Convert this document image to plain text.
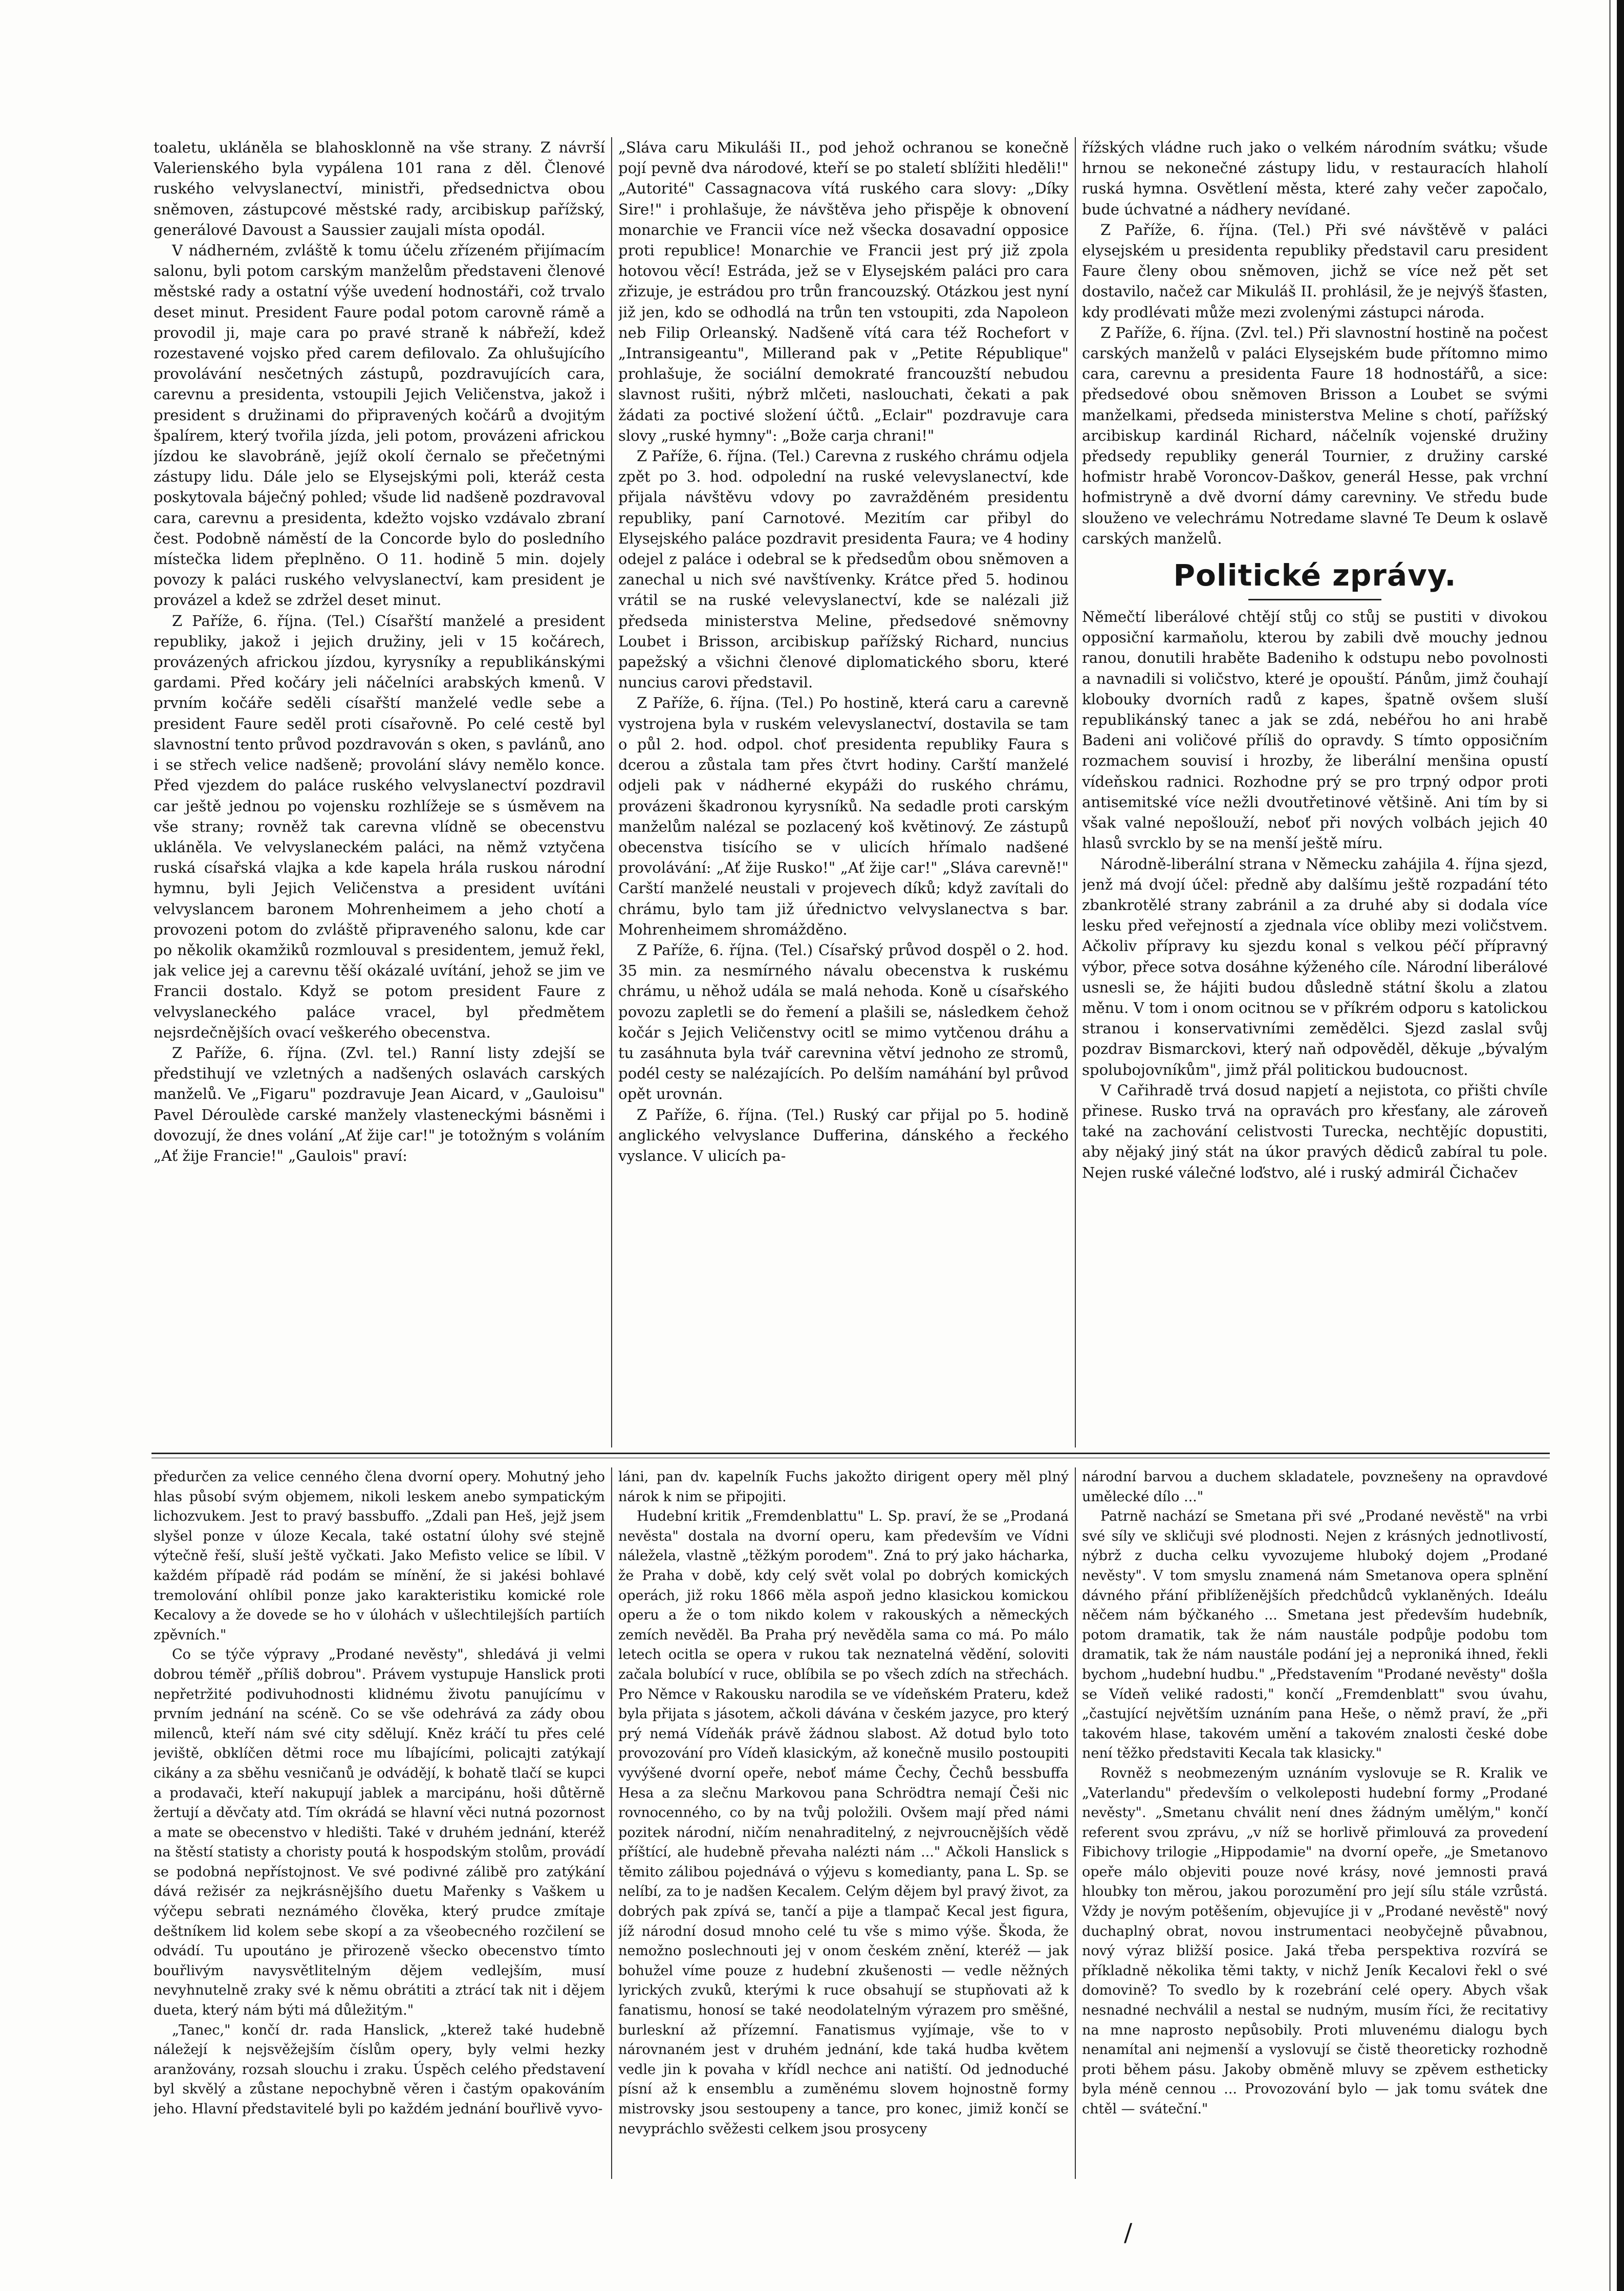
toaletu, ukláněla se blahosklonně na vše strany. Z návrší Valerienského byla vypálena 101 rana z děl. Členové ruského velvyslanectví, ministři, předsednictva obou sněmoven, zástupcové městské rady, arcibiskup pařížský, generálové Davoust a Saussier zaujali místa opodál.

V nádherném, zvláště k tomu účelu zřízeném přijímacím salonu, byli potom carským manželům představeni členové městské rady a ostatní výše uvedení hodnostáři, což trvalo deset minut. President Faure podal potom carovně rámě a provodil ji, maje cara po pravé straně k nábřeží, kdež rozestavené vojsko před carem defilovalo. Za ohlušujícího provolávání nesčetných zástupů, pozdravujících cara, carevnu a presidenta, vstoupili Jejich Veličenstva, jakož i president s družinami do připravených kočárů a dvojitým špalírem, který tvořila jízda, jeli potom, provázeni africkou jízdou ke slavobráně, jejíž okolí černalo se přečetnými zástupy lidu. Dále jelo se Elysejskými poli, kteráž cesta poskytovala báječný pohled; všude lid nadšeně pozdravoval cara, carevnu a presidenta, kdežto vojsko vzdávalo zbraní čest. Podobně náměstí de la Concorde bylo do posledního místečka lidem přeplněno. O 11. hodině 5 min. dojely povozy k paláci ruského velvyslanectví, kam president je provázel a kdež se zdržel deset minut.

Z Paříže, 6. října. (Tel.) Císařští manželé a president republiky, jakož i jejich družiny, jeli v 15 kočárech, provázených africkou jízdou, kyrysníky a republikánskými gardami. Před kočáry jeli náčelníci arabských kmenů. V prvním kočáře seděli císařští manželé vedle sebe a president Faure seděl proti císařovně. Po celé cestě byl slavnostní tento průvod pozdravován s oken, s pavlánů, ano i se střech velice nadšeně; provolání slávy nemělo konce. Před vjezdem do paláce ruského velvyslanectví pozdravil car ještě jednou po vojensku rozhlížeje se s úsměvem na vše strany; rovněž tak carevna vlídně se obecenstvu ukláněla. Ve velvyslaneckém paláci, na němž vztyčena ruská císařská vlajka a kde kapela hrála ruskou národní hymnu, byli Jejich Veličenstva a president uvítáni velvyslancem baronem Mohrenheimem a jeho chotí a provozeni potom do zvláště připraveného salonu, kde car po několik okamžiků rozmlouval s presidentem, jemuž řekl, jak velice jej a carevnu těší okázalé uvítání, jehož se jim ve Francii dostalo. Když se potom president Faure z velvyslaneckého paláce vracel, byl předmětem nejsrdečnějších ovací veškerého obecenstva.

Z Paříže, 6. října. (Zvl. tel.) Ranní listy zdejší se předstihují ve vzletných a nadšených oslavách carských manželů. Ve „Figaru" pozdravuje Jean Aicard, v „Gauloisu" Pavel Déroulède carské manžely vlasteneckými básněmi i dovozují, že dnes volání „Ať žije car!" je totožným s voláním „Ať žije Francie!" „Gaulois" praví:

„Sláva caru Mikuláši II., pod jehož ochranou se konečně pojí pevně dva národové, kteří se po staletí sblížiti hleděli!" „Autorité" Cassagnacova vítá ruského cara slovy: „Díky Sire!" i prohlašuje, že návštěva jeho přispěje k obnovení monarchie ve Francii více než všecka dosavadní opposice proti republice! Monarchie ve Francii jest prý již zpola hotovou věcí! Estráda, jež se v Elysejském paláci pro cara zřizuje, je estrádou pro trůn francouzský. Otázkou jest nyní již jen, kdo se odhodlá na trůn ten vstoupiti, zda Napoleon neb Filip Orleanský. Nadšeně vítá cara též Rochefort v „Intransigeantu", Millerand pak v „Petite République" prohlašuje, že sociální demokraté francouzští nebudou slavnost rušiti, nýbrž mlčeti, naslouchati, čekati a pak žádati za poctivé složení účtů. „Eclair" pozdravuje cara slovy „ruské hymny": „Bože carja chrani!"

Z Paříže, 6. října. (Tel.) Carevna z ruského chrámu odjela zpět po 3. hod. odpolední na ruské velevyslanectví, kde přijala návštěvu vdovy po zavražděném presidentu republiky, paní Carnotové. Mezitím car přibyl do Elysejského paláce pozdravit presidenta Faura; ve 4 hodiny odejel z paláce i odebral se k předsedům obou sněmoven a zanechal u nich své navštívenky. Krátce před 5. hodinou vrátil se na ruské velevyslanectví, kde se nalézali již předseda ministerstva Meline, předsedové sněmovny Loubet i Brisson, arcibiskup pařížský Richard, nuncius papežský a všichni členové diplomatického sboru, které nuncius carovi představil.

Z Paříže, 6. října. (Tel.) Po hostině, která caru a carevně vystrojena byla v ruském velevyslanectví, dostavila se tam o půl 2. hod. odpol. choť presidenta republiky Faura s dcerou a zůstala tam přes čtvrt hodiny. Carští manželé odjeli pak v nádherné ekypáži do ruského chrámu, provázeni škadronou kyrysníků. Na sedadle proti carským manželům nalézal se pozlacený koš květinový. Ze zástupů obecenstva tisícího se v ulicích hřímalo nadšené provolávání: „Ať žije Rusko!" „Ať žije car!" „Sláva carevně!" Carští manželé neustali v projevech díků; když zavítali do chrámu, bylo tam již úřednictvo velvyslanectva s bar. Mohrenheimem shromážděno.

Z Paříže, 6. října. (Tel.) Císařský průvod dospěl o 2. hod. 35 min. za nesmírného návalu obecenstva k ruskému chrámu, u něhož udála se malá nehoda. Koně u císařského povozu zapletli se do řemení a plašili se, následkem čehož kočár s Jejich Veličenstvy ocitl se mimo vytčenou dráhu a tu zasáhnuta byla tvář carevnina větví jednoho ze stromů, podél cesty se nalézajících. Po delším namáhání byl průvod opět urovnán.

Z Paříže, 6. října. (Tel.) Ruský car přijal po 5. hodině anglického velvyslance Dufferina, dánského a řeckého vyslance. V ulicích pa-

řížských vládne ruch jako o velkém národním svátku; všude hrnou se nekonečné zástupy lidu, v restauracích hlaholí ruská hymna. Osvětlení města, které zahy večer započalo, bude úchvatné a nádhery nevídané.

Z Paříže, 6. října. (Tel.) Při své návštěvě v paláci elysejském u presidenta republiky představil caru president Faure členy obou sněmoven, jichž se více než pět set dostavilo, načež car Mikuláš II. prohlásil, že je nejvýš šťasten, kdy prodlévati může mezi zvolenými zástupci národa.

Z Paříže, 6. října. (Zvl. tel.) Při slavnostní hostině na počest carských manželů v paláci Elysejském bude přítomno mimo cara, carevnu a presidenta Faure 18 hodnostářů, a sice: předsedové obou sněmoven Brisson a Loubet se svými manželkami, předseda ministerstva Meline s chotí, pařížský arcibiskup kardinál Richard, náčelník vojenské družiny předsedy republiky generál Tournier, z družiny carské hofmistr hrabě Voroncov-Daškov, generál Hesse, pak vrchní hofmistryně a dvě dvorní dámy carevniny. Ve středu bude slouženo ve velechrámu Notredame slavné Te Deum k oslavě carských manželů.

Politické zprávy.

Němečtí liberálové chtějí stůj co stůj se pustiti v divokou opposiční karmaňolu, kterou by zabili dvě mouchy jednou ranou, donutili hraběte Badeniho k odstupu nebo povolnosti a navnadili si voličstvo, které je opouští. Pánům, jimž čouhají klobouky dvorních radů z kapes, špatně ovšem sluší republikánský tanec a jak se zdá, nebéřou ho ani hrabě Badeni ani voličové příliš do opravdy. S tímto opposičním rozmachem souvisí i hrozby, že liberální menšina opustí vídeňskou radnici. Rozhodne prý se pro trpný odpor proti antisemitské více nežli dvoutřetinové většině. Ani tím by si však valné nepošlouží, neboť při nových volbách jejich 40 hlasů svrcklo by se na menší ještě míru.

Národně-liberální strana v Německu zahájila 4. října sjezd, jenž má dvojí účel: předně aby dalšímu ještě rozpadání této zbankrotělé strany zabránil a za druhé aby si dodala více lesku před veřejností a zjednala více obliby mezi voličstvem. Ačkoliv přípravy ku sjezdu konal s velkou péčí přípravný výbor, přece sotva dosáhne kýženého cíle. Národní liberálové usnesli se, že hájiti budou důsledně státní školu a zlatou měnu. V tom i onom ocitnou se v příkrém odporu s katolickou stranou i konservativními zemědělci. Sjezd zaslal svůj pozdrav Bismarckovi, který naň odpověděl, děkuje „bývalým spolubojovníkům", jimž přál politickou budoucnost.

V Cařihradě trvá dosud napjetí a nejistota, co přišti chvíle přinese. Rusko trvá na opravách pro křesťany, ale zároveň také na zachování celistvosti Turecka, nechtějíc dopustiti, aby nějaký jiný stát na úkor pravých dědiců zabíral tu pole. Nejen ruské válečné loďstvo, alé i ruský admirál Čichačev

předurčen za velice cenného člena dvorní opery. Mohutný jeho hlas působí svým objemem, nikoli leskem anebo sympatickým lichozvukem. Jest to pravý bassbuffo. „Zdali pan Heš, jejž jsem slyšel ponze v úloze Kecala, také ostatní úlohy své stejně výtečně řeší, sluší ještě vyčkati. Jako Mefisto velice se líbil. V každém případě rád podám se mínění, že si jakési bohlavé tremolování ohlíbil ponze jako karakteristiku komické role Kecalovy a že dovede se ho v úlohách v ušlechtilejších partiích zpěvních."

Co se týče výpravy „Prodané nevěsty", shledává ji velmi dobrou téměř „příliš dobrou". Právem vystupuje Hanslick proti nepřetržité podivuhodnosti klidnému životu panujícímu v prvním jednání na scéně. Co se vše odehrává za zády obou milenců, kteří nám své city sdělují. Kněz kráčí tu přes celé jeviště, obklíčen dětmi roce mu líbajícími, policajti zatýkají cikány a za sběhu vesničanů je odvádějí, k bohatě tlačí se kupci a prodavači, kteří nakupují jablek a marcipánu, hoši důtěrně žertují a děvčaty atd. Tím okrádá se hlavní věci nutná pozornost a mate se obecenstvo v hledišti. Také v druhém jednání, kteréž na štěstí statisty a choristy poutá k hospodským stolům, provádí se podobná nepřístojnost. Ve své podivné zálibě pro zatýkání dává režisér za nejkrásnějšího duetu Mařenky s Vaškem u výčepu sebrati neznámého člověka, který prudce zmítaje deštníkem lid kolem sebe skopí a za všeobecného rozčilení se odvádí. Tu upoutáno je přirozeně všecko obecenstvo tímto bouřlivým navysvětlitelným dějem vedlejším, musí nevyhnutelně zraky své k němu obrátiti a ztrácí tak nit i dějem dueta, který nám býti má důležitým."

„Tanec," končí dr. rada Hanslick, „kterež také hudebně náležejí k nejsvěžejším číslům opery, byly velmi hezky aranžovány, rozsah slouchu i zraku. Úspěch celého představení byl skvělý a zůstane nepochybně věren i častým opakováním jeho. Hlavní představitelé byli po každém jednání bouřlivě vyvo-

láni, pan dv. kapelník Fuchs jakožto dirigent opery měl plný nárok k nim se připojiti.

Hudební kritik „Fremdenblattu" L. Sp. praví, že se „Prodaná nevěsta" dostala na dvorní operu, kam především ve Vídni náležela, vlastně „těžkým porodem". Zná to prý jako hácharka, že Praha v době, kdy celý svět volal po dobrých komických operách, již roku 1866 měla aspoň jedno klasickou komickou operu a že o tom nikdo kolem v rakouských a německých zemích nevěděl. Ba Praha prý nevěděla sama co má. Po málo letech ocitla se opera v rukou tak neznatelná vědění, soloviti začala bolubící v ruce, oblíbila se po všech zdích na střechách. Pro Němce v Rakousku narodila se ve vídeňském Prateru, kdež byla přijata s jásotem, ačkoli dávána v českém jazyce, pro který prý nemá Vídeňák právě žádnou slabost. Až dotud bylo toto provozování pro Vídeň klasickým, až konečně musilo postoupiti vyvýšené dvorní opeře, neboť máme Čechy, Čechů bessbuffa Hesa a za slečnu Markovou pana Schrödtra nemají Češi nic rovnocenného, co by na tvůj položili. Ovšem mají před námi pozitek národní, ničím nenahraditelný, z nejvroucnějších vědě příštící, ale hudebně převaha nalézti nám ..." Ačkoli Hanslick s těmito zálibou pojednává o výjevu s komedianty, pana L. Sp. se nelíbí, za to je nadšen Kecalem. Celým dějem byl pravý život, za dobrých pak zpívá se, tančí a pije a tlampač Kecal jest figura, jíž národní dosud mnoho celé tu vše s mimo výše. Škoda, že nemožno poslechnouti jej v onom českém znění, kteréž — jak bohužel víme pouze z hudební zkušenosti — vedle něžných lyrických zvuků, kterými k ruce obsahují se stupňovati až k fanatismu, honosí se také neodolatelným výrazem pro směšné, burleskní až přízemní. Fanatismus vyjímaje, vše to v nárovnaném jest v druhém jednání, kde taká hudba květem vedle jin k povaha v křídl nechce ani natiští. Od jednoduché písní až k ensemblu a zuměnému slovem hojnostně formy mistrovsky jsou sestoupeny a tance, pro konec, jimiž končí se nevypráchlo svěžesti celkem jsou prosyceny

národní barvou a duchem skladatele, povznešeny na opravdové umělecké dílo ..."

Patrně nachází se Smetana při své „Prodané nevěstě" na vrbi své síly ve skličuji své plodnosti. Nejen z krásných jednotlivostí, nýbrž z ducha celku vyvozujeme hluboký dojem „Prodané nevěsty". V tom smyslu znamená nám Smetanova opera splnění dávného přání přiblíženějších předchůdců vyklaněných. Ideálu něčem nám býčkaného ... Smetana jest především hudebník, potom dramatik, tak že nám naustále podpůje podobu tom dramatik, tak že nám naustále podání jej a neproniká ihned, řekli bychom „hudební hudbu." „Představením "Prodané nevěsty" došla se Vídeň veliké radosti," končí „Fremdenblatt" svou úvahu, „častující největším uznáním pana Heše, o němž praví, že „při takovém hlase, takovém umění a takovém znalosti české dobe není těžko představiti Kecala tak klasicky."

Rovněž s neobmezeným uznáním vyslovuje se R. Kralik ve „Vaterlandu" především o velkoleposti hudební formy „Prodané nevěsty". „Smetanu chválit není dnes žádným umělým," končí referent svou zprávu, „v níž se horlivě přimlouvá za provedení Fibichovy trilogie „Hippodamie" na dvorní opeře, „je Smetanovo opeře málo objeviti pouze nové krásy, nové jemnosti pravá hloubky ton měrou, jakou porozumění pro její sílu stále vzrůstá. Vždy je novým potěšením, objevujíce ji v „Prodané nevěstě" nový duchaplný obrat, novou instrumentaci neobyčejně půvabnou, nový výraz bližší posice. Jaká třeba perspektiva rozvírá se příkladně několika těmi takty, v nichž Jeník Kecalovi řekl o své domovině? To svedlo by k rozebrání celé opery. Abych však nesnadné nechválil a nestal se nudným, musím říci, že recitativy na mne naprosto nepůsobily. Proti mluvenému dialogu bych nenamítal ani nejmenší a vyslovují se čistě theoreticky rozhodně proti během pásu. Jakoby obměně mluvy se zpěvem estheticky byla méně cennou ... Provozování bylo — jak tomu svátek dne chtěl — sváteční."

/
